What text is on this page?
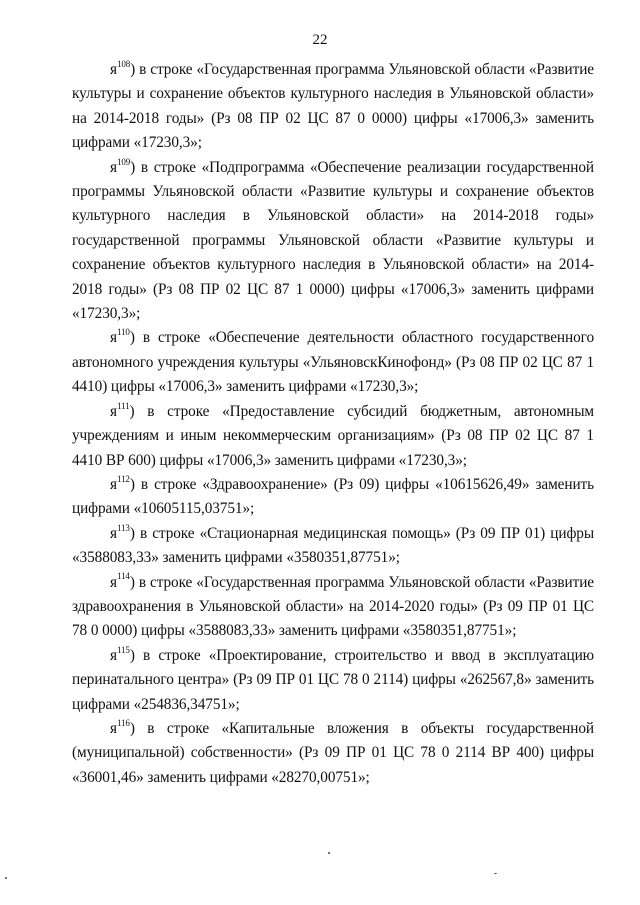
22

$я^{108}$) в строке «Государственная программа Ульяновской области «Развитие культуры и сохранение объектов культурного наследия в Ульяновской области» на 2014-2018 годы» (Рз 08 ПР 02 ЦС 87 0 0000) цифры «17006,3» заменить цифрами «17230,3»;

$я^{109}$) в строке «Подпрограмма «Обеспечение реализации государственной программы Ульяновской области «Развитие культуры и сохранение объектов культурного наследия в Ульяновской области» на 2014-2018 годы» государственной программы Ульяновской области «Развитие культуры и сохранение объектов культурного наследия в Ульяновской области» на 2014-2018 годы» (Рз 08 ПР 02 ЦС 87 1 0000) цифры «17006,3» заменить цифрами «17230,3»;

$я^{110}$) в строке «Обеспечение деятельности областного государственного автономного учреждения культуры «УльяновскКинофонд» (Рз 08 ПР 02 ЦС 87 1 4410) цифры «17006,3» заменить цифрами «17230,3»;

$я^{111}$) в строке «Предоставление субсидий бюджетным, автономным учреждениям и иным некоммерческим организациям» (Рз 08 ПР 02 ЦС 87 1 4410 ВР 600) цифры «17006,3» заменить цифрами «17230,3»;

$я^{112}$) в строке «Здравоохранение» (Рз 09) цифры «10615626,49» заменить цифрами «10605115,03751»;

$я^{113}$) в строке «Стационарная медицинская помощь» (Рз 09 ПР 01) цифры «3588083,33» заменить цифрами «3580351,87751»;

$я^{114}$) в строке «Государственная программа Ульяновской области «Развитие здравоохранения в Ульяновской области» на 2014-2020 годы» (Рз 09 ПР 01 ЦС 78 0 0000) цифры «3588083,33» заменить цифрами «3580351,87751»;

$я^{115}$) в строке «Проектирование, строительство и ввод в эксплуатацию перинатального центра» (Рз 09 ПР 01 ЦС 78 0 2114) цифры «262567,8» заменить цифрами «254836,34751»;

$я^{116}$) в строке «Капитальные вложения в объекты государственной (муниципальной) собственности» (Рз 09 ПР 01 ЦС 78 0 2114 ВР 400) цифры «36001,46» заменить цифрами «28270,00751»;
